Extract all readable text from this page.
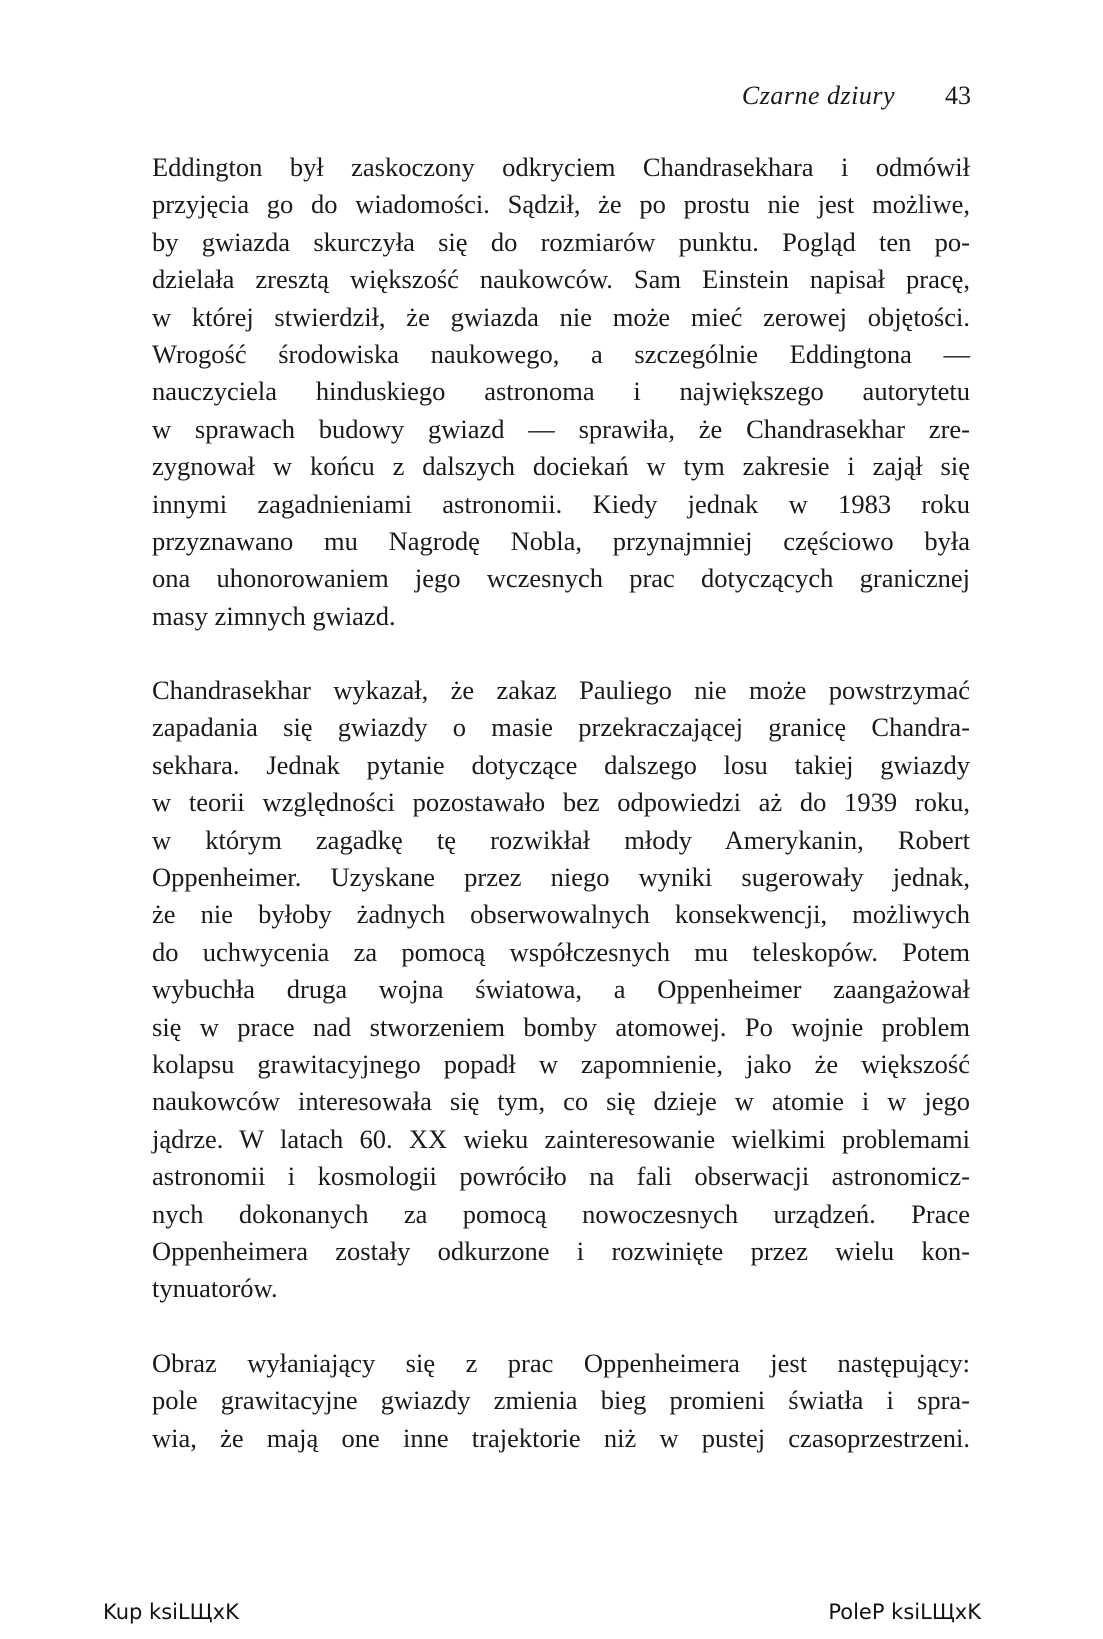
Czarne dziury 43
Eddington był zaskoczony odkryciem Chandrasekhara i odmówił
przyjęcia go do wiadomości. Sądził, że po prostu nie jest możliwe,
by gwiazda skurczyła się do rozmiarów punktu. Pogląd ten po-
dzielała zresztą większość naukowców. Sam Einstein napisał pracę,
w której stwierdził, że gwiazda nie może mieć zerowej objętości.
Wrogość środowiska naukowego, a szczególnie Eddingtona —
nauczyciela hinduskiego astronoma i największego autorytetu
w sprawach budowy gwiazd — sprawiła, że Chandrasekhar zre-
zygnował w końcu z dalszych dociekań w tym zakresie i zajął się
innymi zagadnieniami astronomii. Kiedy jednak w 1983 roku
przyznawano mu Nagrodę Nobla, przynajmniej częściowo była
ona uhonorowaniem jego wczesnych prac dotyczących granicznej
masy zimnych gwiazd.
Chandrasekhar wykazał, że zakaz Pauliego nie może powstrzymać
zapadania się gwiazdy o masie przekraczającej granicę Chandra-
sekhara. Jednak pytanie dotyczące dalszego losu takiej gwiazdy
w teorii względności pozostawało bez odpowiedzi aż do 1939 roku,
w którym zagadkę tę rozwikłał młody Amerykanin, Robert
Oppenheimer. Uzyskane przez niego wyniki sugerowały jednak,
że nie byłoby żadnych obserwowalnych konsekwencji, możliwych
do uchwycenia za pomocą współczesnych mu teleskopów. Potem
wybuchła druga wojna światowa, a Oppenheimer zaangażował
się w prace nad stworzeniem bomby atomowej. Po wojnie problem
kolapsu grawitacyjnego popadł w zapomnienie, jako że większość
naukowców interesowała się tym, co się dzieje w atomie i w jego
jądrze. W latach 60. XX wieku zainteresowanie wielkimi problemami
astronomii i kosmologii powróciło na fali obserwacji astronomicz-
nych dokonanych za pomocą nowoczesnych urządzeń. Prace
Oppenheimera zostały odkurzone i rozwinięte przez wielu kon-
tynuatorów.
Obraz wyłaniający się z prac Oppenheimera jest następujący:
pole grawitacyjne gwiazdy zmienia bieg promieni światła i spra-
wia, że mają one inne trajektorie niż w pustej czasoprzestrzeni.
Kup ksiLЩxK	PoleP ksiLЩxK
